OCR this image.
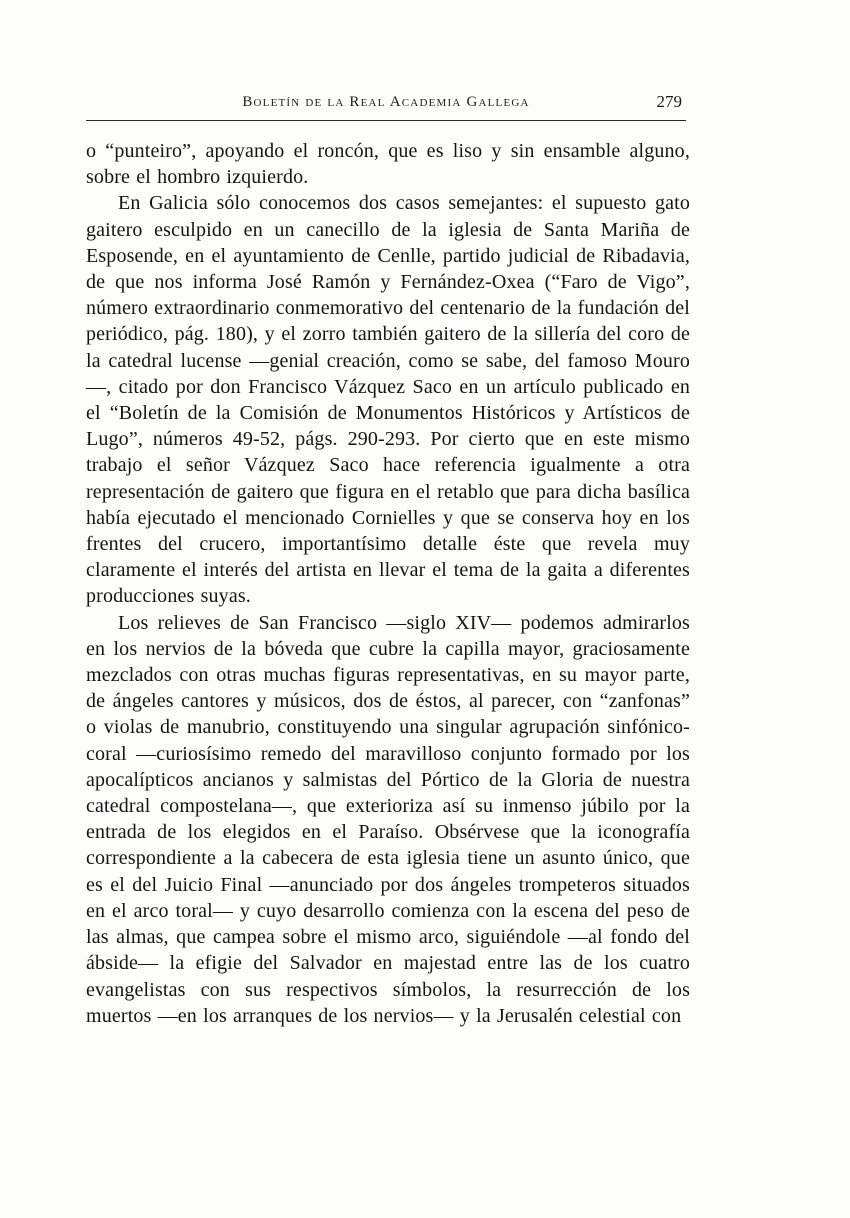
Boletín de la Real Academia Gallega	279

o “punteiro”, apoyando el roncón, que es liso y sin ensamble alguno, sobre el hombro izquierdo.

En Galicia sólo conocemos dos casos semejantes: el supuesto gato gaitero esculpido en un canecillo de la iglesia de Santa Mariña de Esposende, en el ayuntamiento de Cenlle, partido judicial de Ribadavia, de que nos informa José Ramón y Fernández-Oxea (“Faro de Vigo”, número extraordinario conmemorativo del centenario de la fundación del periódico, pág. 180), y el zorro también gaitero de la sillería del coro de la catedral lucense —genial creación, como se sabe, del famoso Mouro—, citado por don Francisco Vázquez Saco en un artículo publicado en el “Boletín de la Comisión de Monumentos Históricos y Artísticos de Lugo”, números 49-52, págs. 290-293. Por cierto que en este mismo trabajo el señor Vázquez Saco hace referencia igualmente a otra representación de gaitero que figura en el retablo que para dicha basílica había ejecutado el mencionado Cornielles y que se conserva hoy en los frentes del crucero, importantísimo detalle éste que revela muy claramente el interés del artista en llevar el tema de la gaita a diferentes producciones suyas.

Los relieves de San Francisco —siglo XIV— podemos admirarlos en los nervios de la bóveda que cubre la capilla mayor, graciosamente mezclados con otras muchas figuras representativas, en su mayor parte, de ángeles cantores y músicos, dos de éstos, al parecer, con “zanfonas” o violas de manubrio, constituyendo una singular agrupación sinfónico-coral —curiosísimo remedo del maravilloso conjunto formado por los apocalípticos ancianos y salmistas del Pórtico de la Gloria de nuestra catedral compostelana—, que exterioriza así su inmenso júbilo por la entrada de los elegidos en el Paraíso. Obsérvese que la iconografía correspondiente a la cabecera de esta iglesia tiene un asunto único, que es el del Juicio Final —anunciado por dos ángeles trompeteros situados en el arco toral— y cuyo desarrollo comienza con la escena del peso de las almas, que campea sobre el mismo arco, siguiéndole —al fondo del ábside— la efigie del Salvador en majestad entre las de los cuatro evangelistas con sus respectivos símbolos, la resurrección de los muertos —en los arranques de los nervios— y la Jerusalén celestial con
